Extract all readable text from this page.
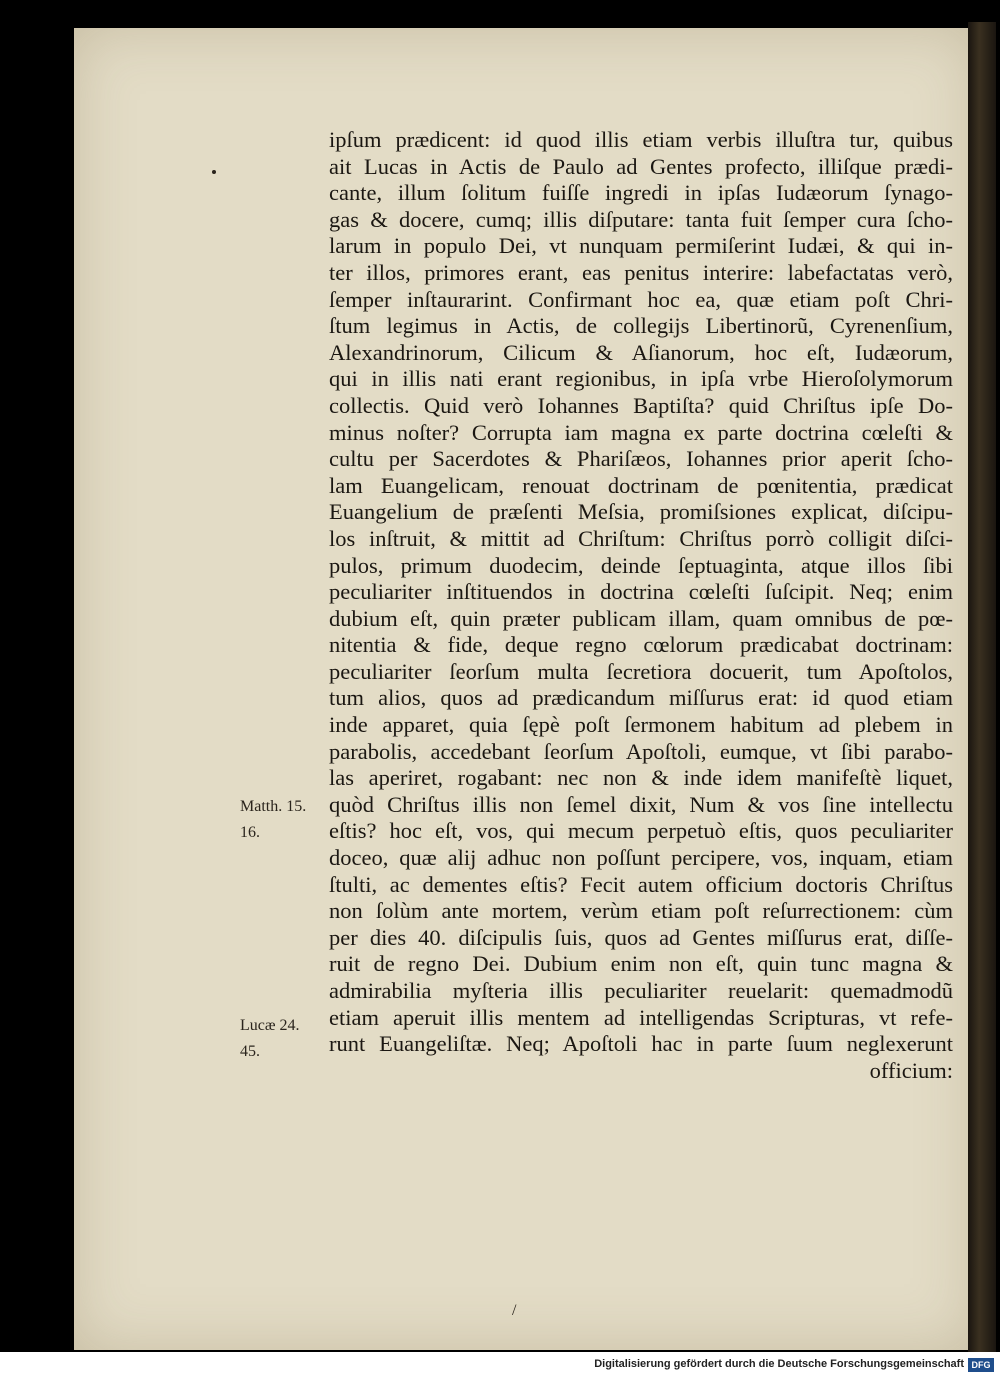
ipſum prædicent: id quod illis etiam verbis illuſtra tur, quibus
ait Lucas in Actis de Paulo ad Gentes profecto, illiſque prædi-
cante, illum ſolitum fuiſſe ingredi in ipſas Iudæorum ſynago-
gas & docere, cumq; illis diſputare: tanta fuit ſemper cura ſcho-
larum in populo Dei, vt nunquam permiſerint Iudæi, & qui in-
ter illos, primores erant, eas penitus interire: labefactatas verò,
ſemper inſtaurarint. Confirmant hoc ea, quæ etiam poſt Chri-
ſtum legimus in Actis, de collegijs Libertinorũ, Cyrenenſium,
Alexandrinorum, Cilicum & Aſianorum, hoc eſt, Iudæorum,
qui in illis nati erant regionibus, in ipſa vrbe Hieroſolymorum
collectis. Quid verò Iohannes Baptiſta? quid Chriſtus ipſe Do-
minus noſter? Corrupta iam magna ex parte doctrina cœleſti &
cultu per Sacerdotes & Phariſæos, Iohannes prior aperit ſcho-
lam Euangelicam, renouat doctrinam de pœnitentia, prædicat
Euangelium de præſenti Meſsia, promiſsiones explicat, diſcipu-
los inſtruit, & mittit ad Chriſtum: Chriſtus porrò colligit diſci-
pulos, primum duodecim, deinde ſeptuaginta, atque illos ſibi
peculiariter inſtituendos in doctrina cœleſti ſuſcipit. Neq; enim
dubium eſt, quin præter publicam illam, quam omnibus de pœ-
nitentia & fide, deque regno cœlorum prædicabat doctrinam:
peculiariter ſeorſum multa ſecretiora docuerit, tum Apoſtolos,
tum alios, quos ad prædicandum miſſurus erat: id quod etiam
inde apparet, quia ſępè poſt ſermonem habitum ad plebem in
parabolis, accedebant ſeorſum Apoſtoli, eumque, vt ſibi parabo-
las aperiret, rogabant: nec non & inde idem manifeſtè liquet,
quòd Chriſtus illis non ſemel dixit, Num & vos ſine intellectu
eſtis? hoc eſt, vos, qui mecum perpetuò eſtis, quos peculiariter
doceo, quæ alij adhuc non poſſunt percipere, vos, inquam, etiam
ſtulti, ac dementes eſtis? Fecit autem officium doctoris Chriſtus
non ſolùm ante mortem, verùm etiam poſt reſurrectionem: cùm
per dies 40. diſcipulis ſuis, quos ad Gentes miſſurus erat, diſſe-
ruit de regno Dei. Dubium enim non eſt, quin tunc magna &
admirabilia myſteria illis peculiariter reuelarit: quemadmodũ
etiam aperuit illis mentem ad intelligendas Scripturas, vt refe-
runt Euangeliſtæ. Neq; Apoſtoli hac in parte ſuum neglexerunt
officium:
Matth. 15.
16.
Lucæ 24.
45.
/
Digitalisierung gefördert durch die Deutsche Forschungsgemeinschaft DFG
